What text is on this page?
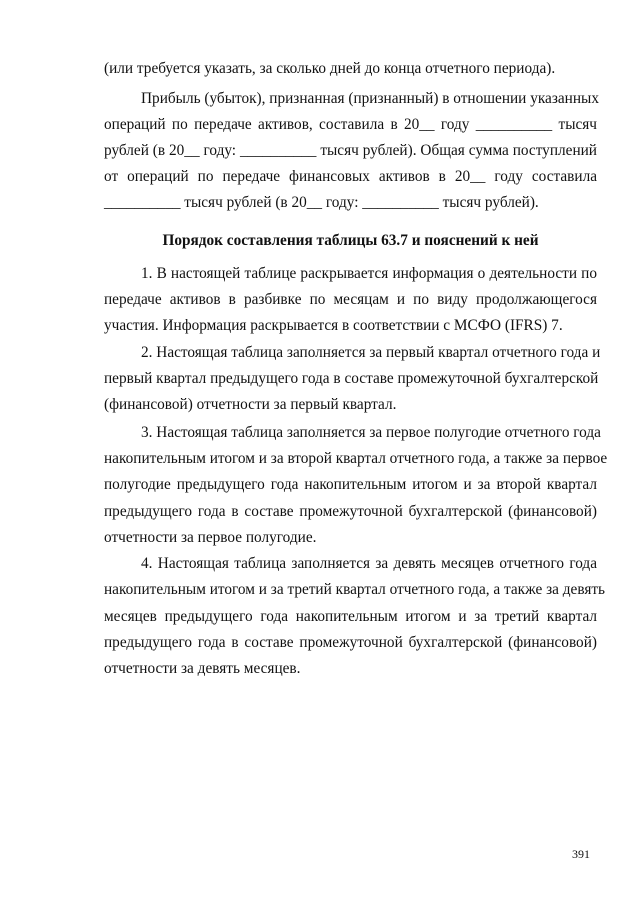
(или требуется указать, за сколько дней до конца отчетного периода).
Прибыль (убыток), признанная (признанный) в отношении указанных
операций по передаче активов, составила в 20__ году __________ тысяч
рублей (в 20__ году: __________ тысяч рублей). Общая сумма поступлений
от операций по передаче финансовых активов в 20__ году составила
__________ тысяч рублей (в 20__ году: __________ тысяч рублей).
Порядок составления таблицы 63.7 и пояснений к ней
1. В настоящей таблице раскрывается информация о деятельности по
передаче активов в разбивке по месяцам и по виду продолжающегося
участия. Информация раскрывается в соответствии с МСФО (IFRS) 7.
2. Настоящая таблица заполняется за первый квартал отчетного года и
первый квартал предыдущего года в составе промежуточной бухгалтерской
(финансовой) отчетности за первый квартал.
3. Настоящая таблица заполняется за первое полугодие отчетного года
накопительным итогом и за второй квартал отчетного года, а также за первое
полугодие предыдущего года накопительным итогом и за второй квартал
предыдущего года в составе промежуточной бухгалтерской (финансовой)
отчетности за первое полугодие.
4. Настоящая таблица заполняется за девять месяцев отчетного года
накопительным итогом и за третий квартал отчетного года, а также за девять
месяцев предыдущего года накопительным итогом и за третий квартал
предыдущего года в составе промежуточной бухгалтерской (финансовой)
отчетности за девять месяцев.
391
